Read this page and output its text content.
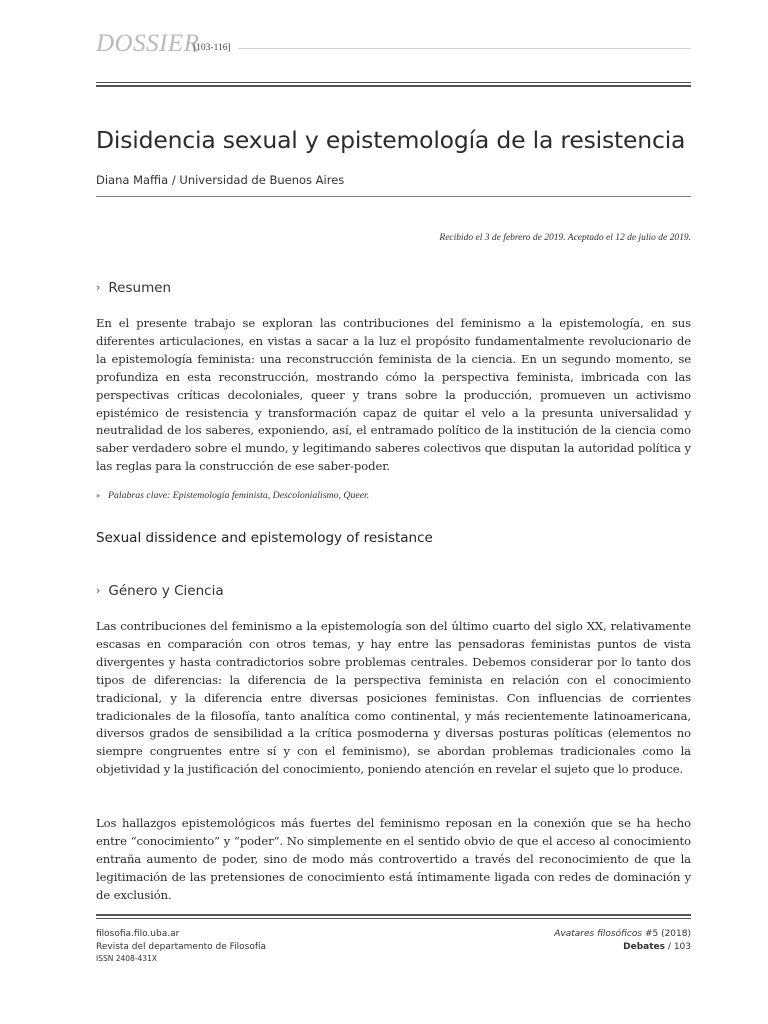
DOSSIER
[103-116]
Disidencia sexual y epistemología de la resistencia
Diana Maffia / Universidad de Buenos Aires
Recibido el 3 de febrero de 2019. Aceptado el 12 de julio de 2019.
› Resumen

En el presente trabajo se exploran las contribuciones del feminismo a la epistemología, en sus diferentes articulaciones, en vistas a sacar a la luz el propósito fundamentalmente revolucionario de la epistemología feminista: una reconstrucción feminista de la ciencia. En un segundo momento, se profundiza en esta reconstrucción, mostrando cómo la perspectiva feminista, imbricada con las perspectivas críticas decoloniales, queer y trans sobre la producción, promueven un activismo epistémico de resistencia y transformación capaz de quitar el velo a la presunta universalidad y neutralidad de los saberes, exponiendo, así, el entramado político de la institución de la ciencia como saber verdadero sobre el mundo, y legitimando saberes colectivos que disputan la autoridad política y las reglas para la construcción de ese saber-poder.

» Palabras clave: Epistemología feminista, Descolonialismo, Queer.
Sexual dissidence and epistemology of resistance
› Género y Ciencia

Las contribuciones del feminismo a la epistemología son del último cuarto del siglo XX, relativamente escasas en comparación con otros temas, y hay entre las pensadoras feministas puntos de vista divergentes y hasta contradictorios sobre problemas centrales. Debemos considerar por lo tanto dos tipos de diferencias: la diferencia de la perspectiva feminista en relación con el conocimiento tradicional, y la diferencia entre diversas posiciones feministas. Con influencias de corrientes tradicionales de la filosofía, tanto analítica como continental, y más recientemente latinoamericana, diversos grados de sensibilidad a la crítica posmoderna y diversas posturas políticas (elementos no siempre congruentes entre sí y con el feminismo), se abordan problemas tradicionales como la objetividad y la justificación del conocimiento, poniendo atención en revelar el sujeto que lo produce.

Los hallazgos epistemológicos más fuertes del feminismo reposan en la conexión que se ha hecho entre “conocimiento” y “poder”. No simplemente en el sentido obvio de que el acceso al conocimiento entraña aumento de poder, sino de modo más controvertido a través del reconocimiento de que la legitimación de las pretensiones de conocimiento está íntimamente ligada con redes de dominación y de exclusión.

filosofia.filo.uba.ar
Revista del departamento de Filosofía
ISSN 2408-431X
Avatares filosóficos #5 (2018)
Debates / 103
